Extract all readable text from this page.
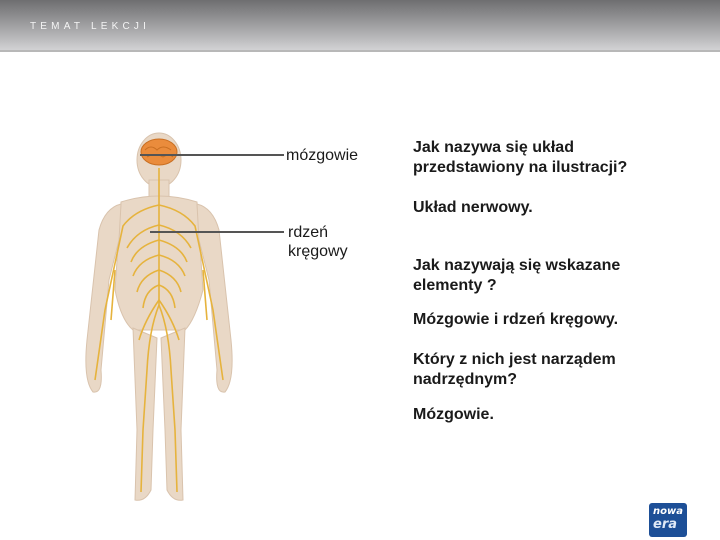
TEMAT LEKCJI
mózgowie
rdzeń kręgowy
Jak nazywa się układ przedstawiony na ilustracji?
Układ nerwowy.
Jak nazywają się wskazane elementy ?
Mózgowie i rdzeń kręgowy.
Który z nich jest narządem nadrzędnym?
Mózgowie.
nowa
era
